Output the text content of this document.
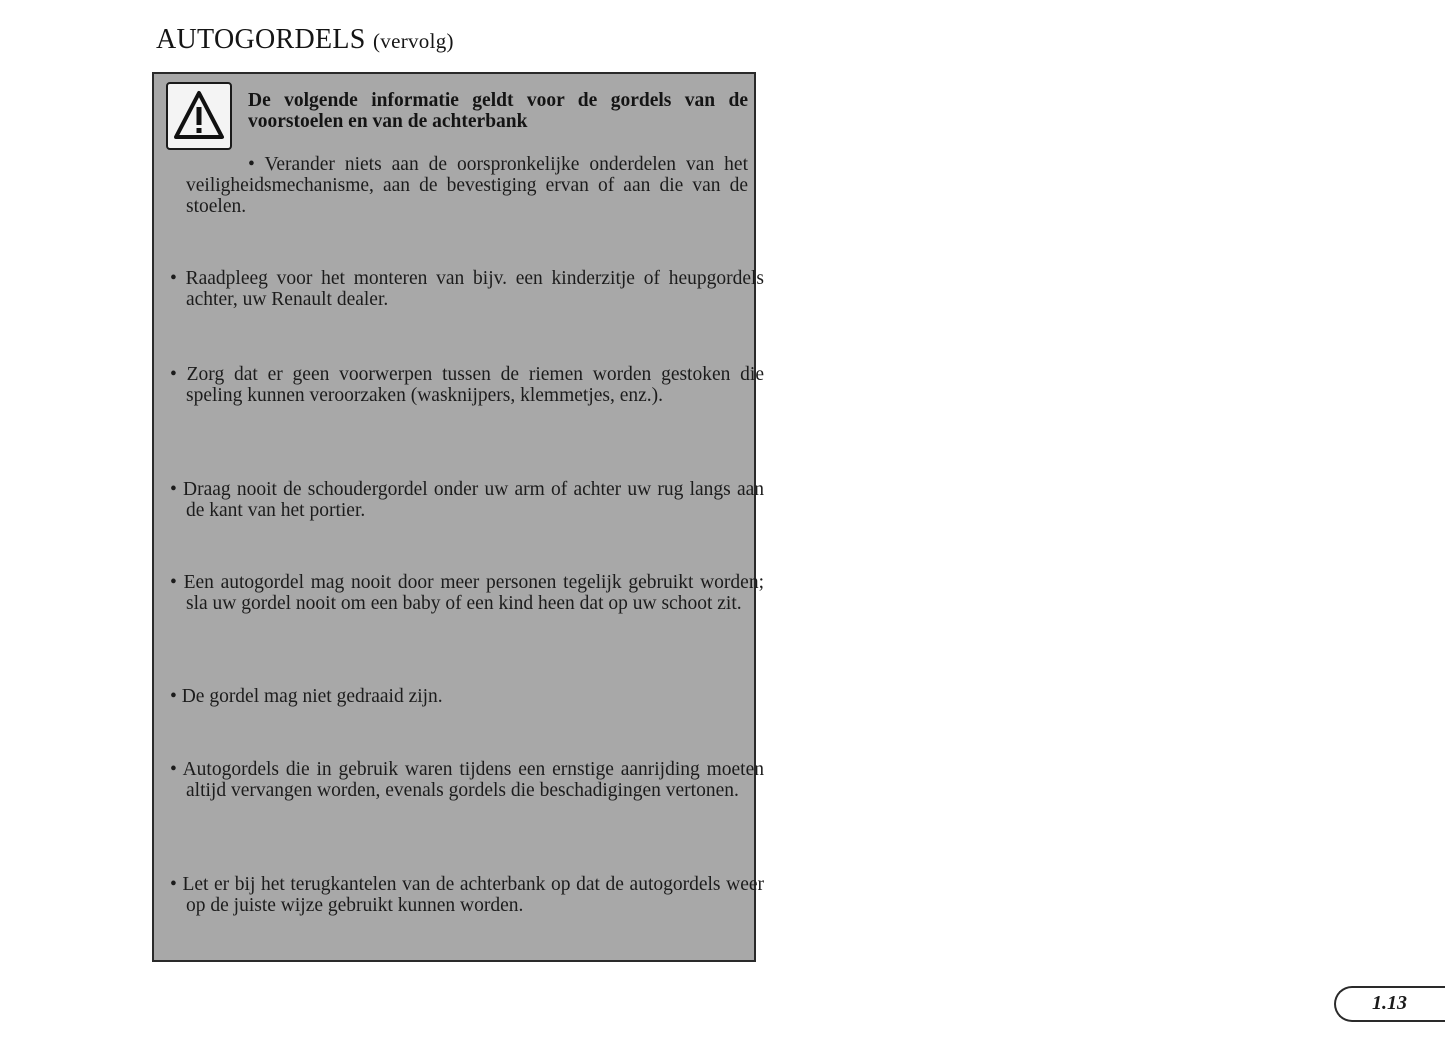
AUTOGORDELS (vervolg)
De volgende informatie geldt voor de gordels van de voorstoelen en van de achterbank
• Verander niets aan de oorspronkelijke onderdelen van het veiligheidsmechanisme, aan de bevestiging ervan of aan die van de stoelen.
• Raadpleeg voor het monteren van bijv. een kinderzitje of heupgordels achter, uw Renault dealer.
• Zorg dat er geen voorwerpen tussen de riemen worden gestoken die speling kunnen veroorzaken (wasknijpers, klemmetjes, enz.).
• Draag nooit de schoudergordel onder uw arm of achter uw rug langs aan de kant van het portier.
• Een autogordel mag nooit door meer personen tegelijk gebruikt worden; sla uw gordel nooit om een baby of een kind heen dat op uw schoot zit.
• De gordel mag niet gedraaid zijn.
• Autogordels die in gebruik waren tijdens een ernstige aanrijding moeten altijd vervangen worden, evenals gordels die beschadigingen vertonen.
• Let er bij het terugkantelen van de achterbank op dat de autogordels weer op de juiste wijze gebruikt kunnen worden.
1.13
